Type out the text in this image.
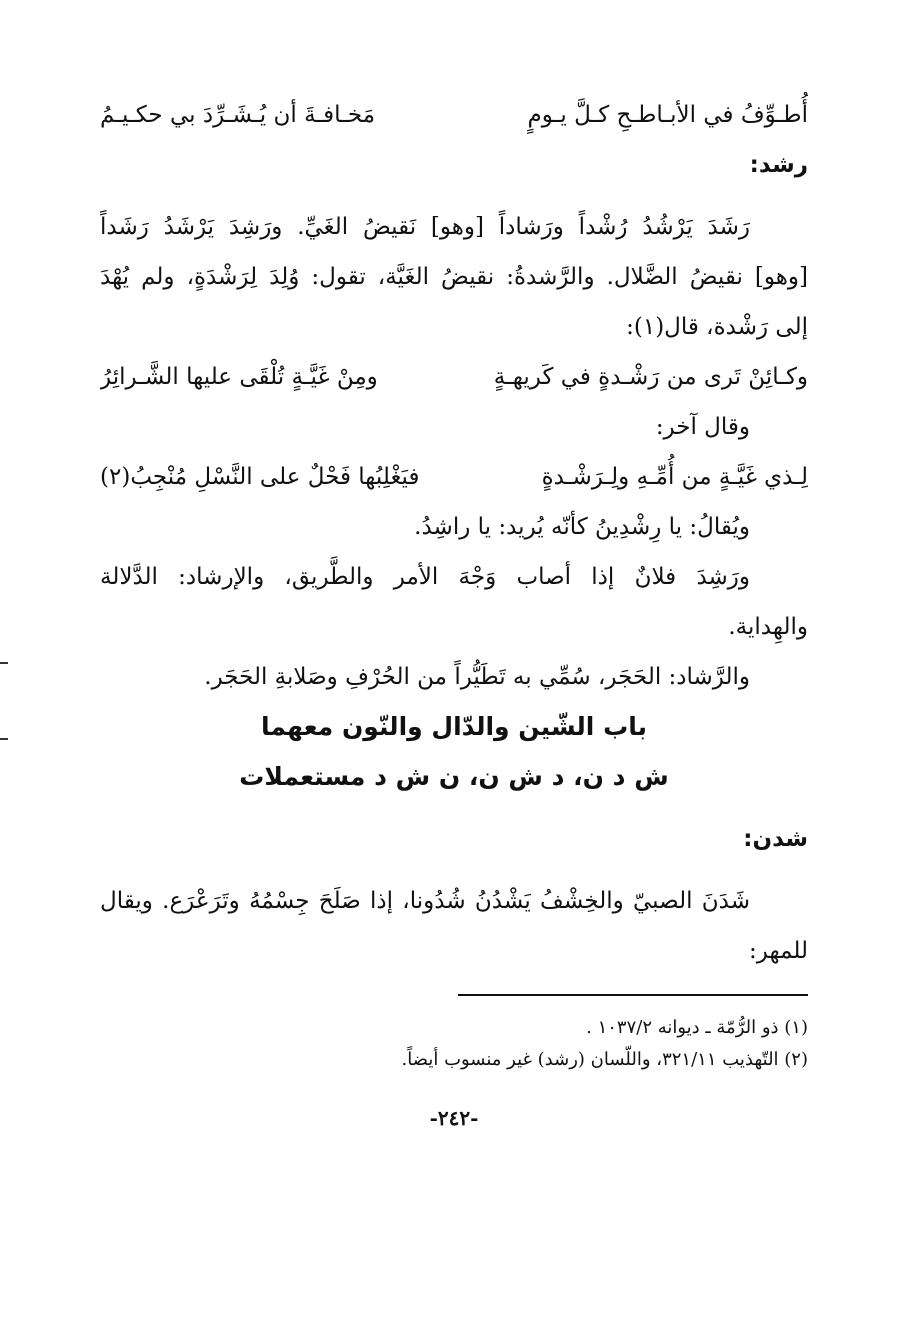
أُطـوِّفُ في الأبـاطـحِ كـلَّ يـومٍ
مَخـافـةَ أن يُـشَـرِّدَ بي حكـيـمُ
رشد:
رَشَدَ يَرْشُدُ رُشْداً ورَشاداً [وهو] نَقيضُ الغَيِّ. ورَشِدَ يَرْشَدُ رَشَداً
[وهو] نقيضُ الضَّلال. والرَّشدةُ: نقيضُ الغَيَّة، تقول: وُلِدَ لِرَشْدَةٍ، ولم يُهْدَ
إلى رَشْدة، قال(١):
وكـائِنْ تَرى من رَشْـدةٍ في كَريهـةٍ
ومِنْ غَيَّـةٍ تُلْقَى عليها الشَّـرائِرُ
وقال آخر:
لِـذي غَيَّـةٍ من أُمِّـهِ ولِـرَشْـدةٍ
فيَغْلِبُها فَحْلٌ على النَّسْلِ مُنْجِبُ(٢)
ويُقالُ: يا رِشْدِينُ كأنّه يُريد: يا راشِدُ.
ورَشِدَ فلانٌ إذا أصاب وَجْهَ الأمر والطَّريق، والإرشاد: الدَّلالة
والهِداية.
والرَّشاد: الحَجَر، سُمِّي به تَطَيُّراً من الحُرْفِ وصَلابةِ الحَجَر.
باب الشّين والدّال والنّون معهما
ش د ن، د ش ن، ن ش د مستعملات
شدن:
شَدَنَ الصبيّ والخِشْفُ يَشْدُنُ شُدُونا، إذا صَلَحَ جِسْمُهُ وتَرَعْرَع. ويقال
للمهر:
(١) ذو الرُّمّة ـ ديوانه ١٠٣٧/٢ .
(٢) التّهذيب ٣٢١/١١، واللّسان (رشد) غير منسوب أيضاً.
-٢٤٢-
